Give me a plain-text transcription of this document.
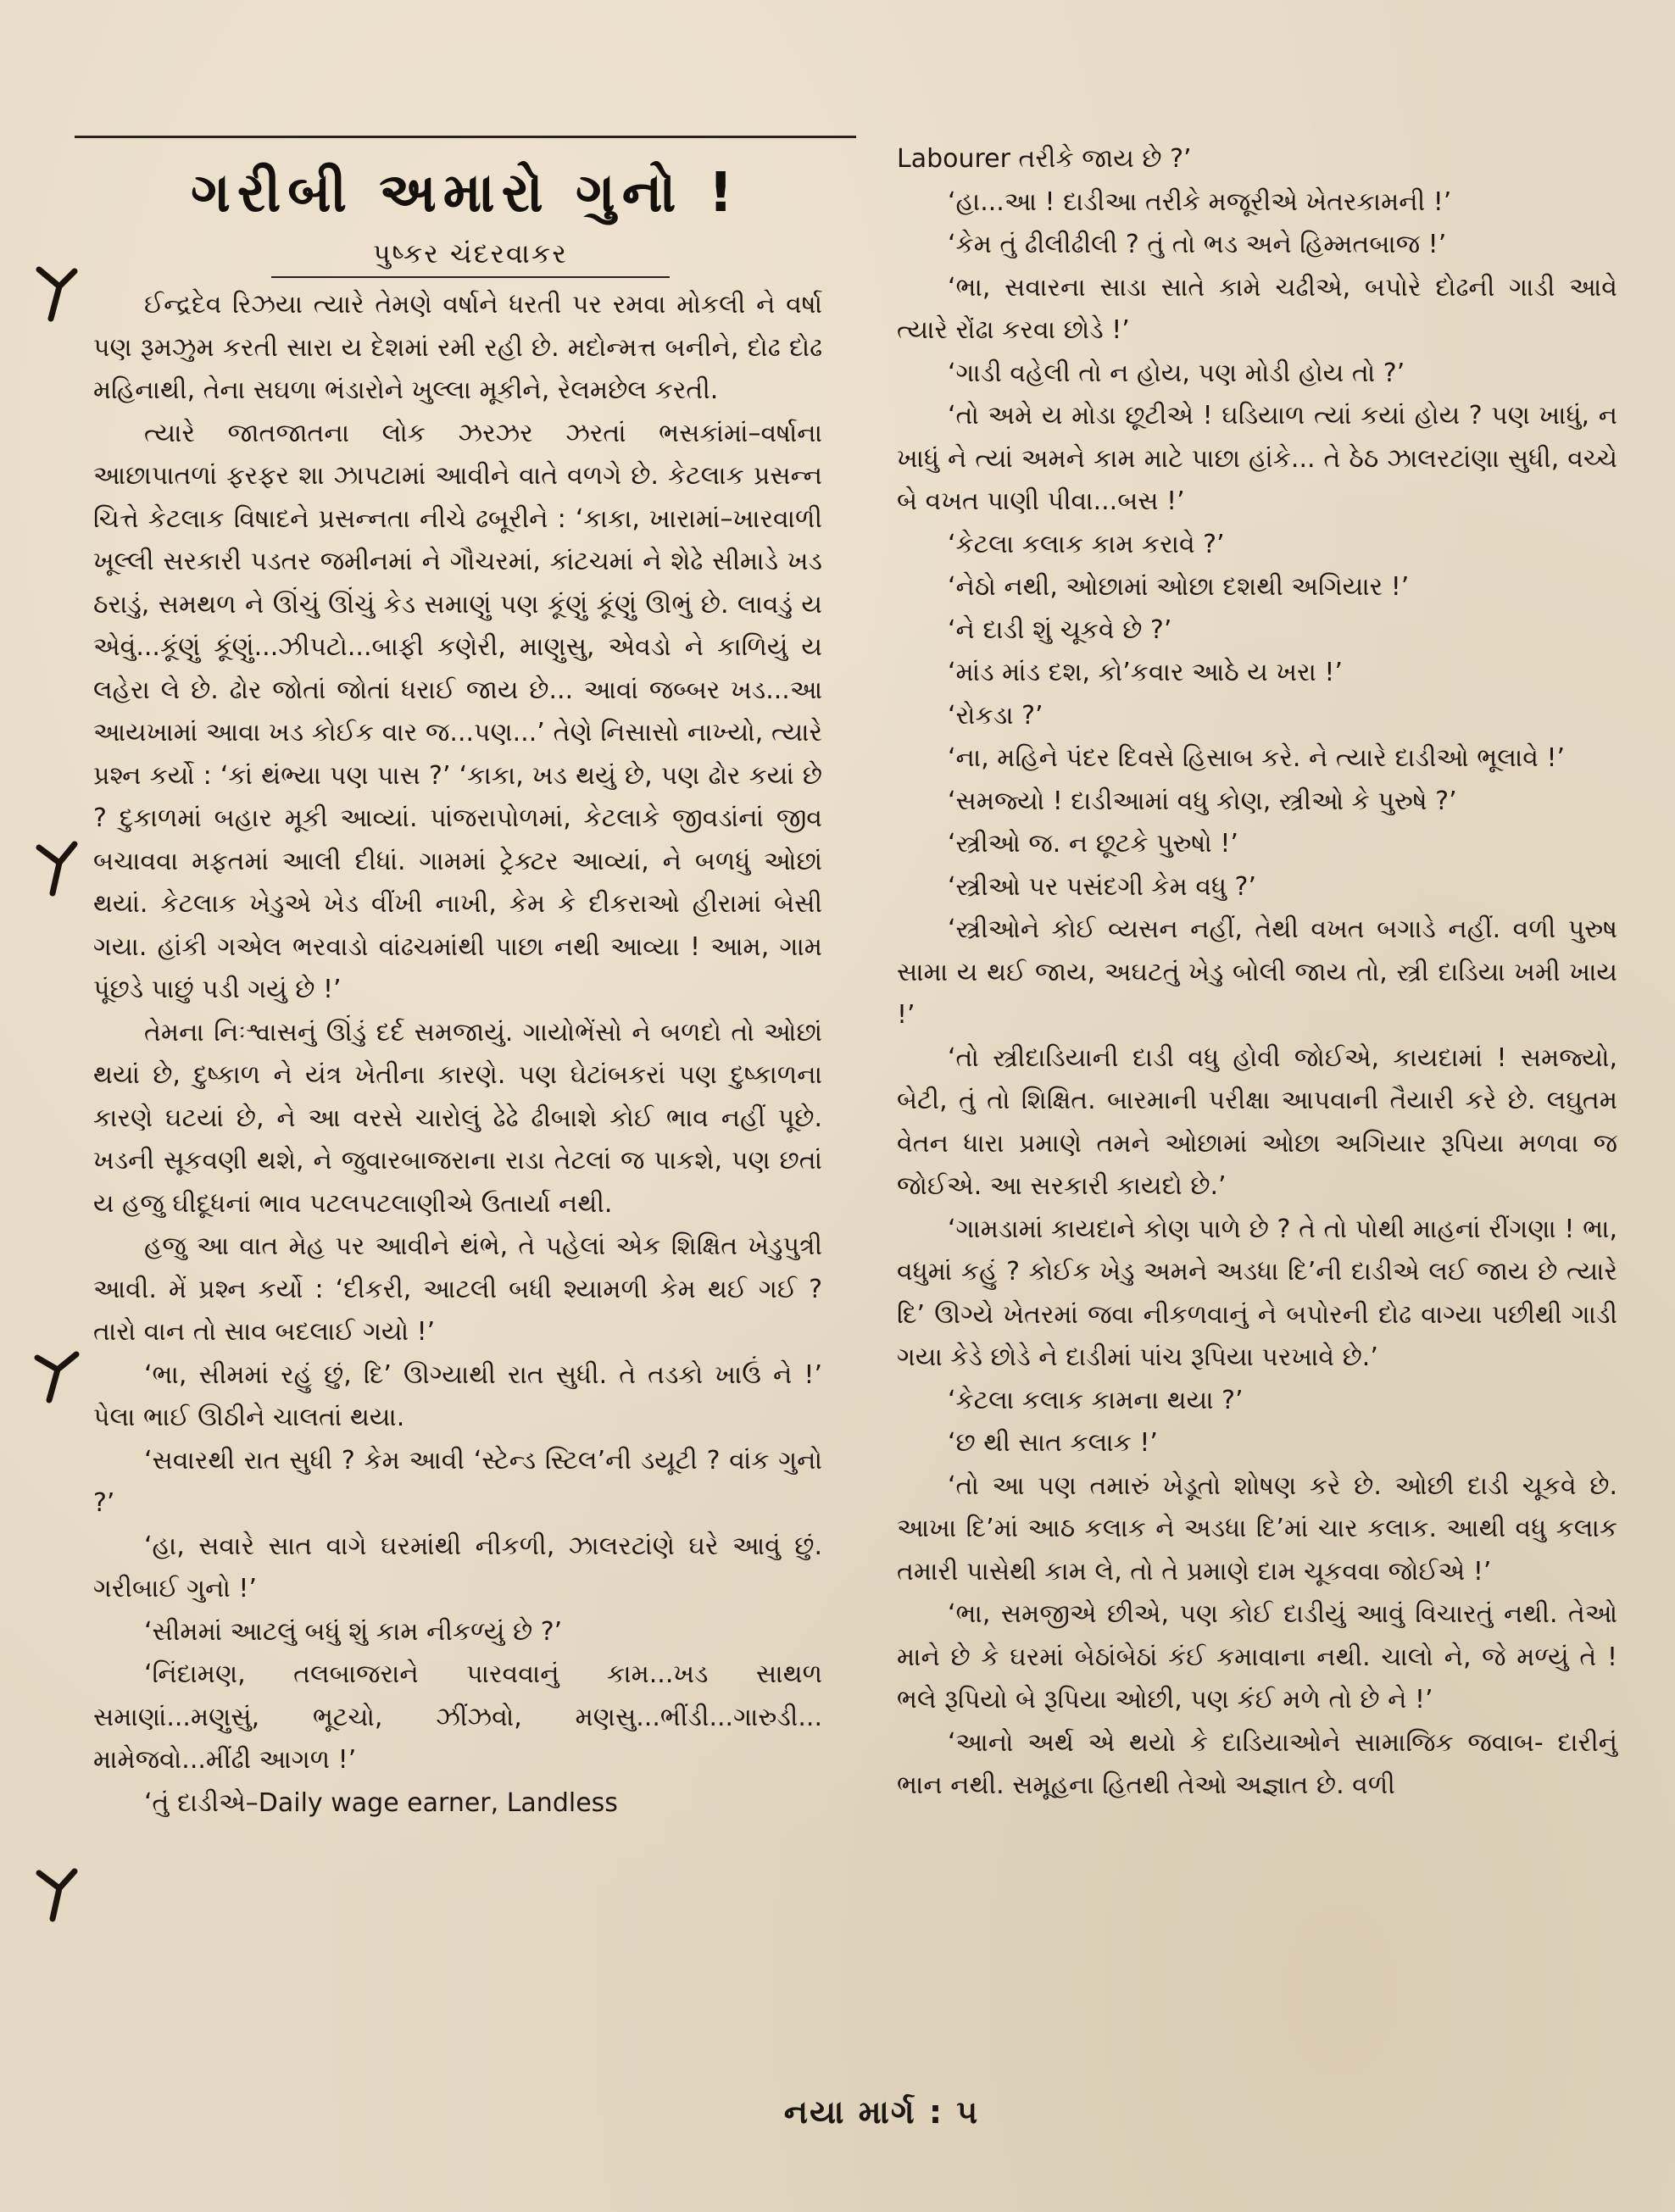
ગરીબી અમારો ગુનો !
પુષ્કર ચંદરવાકર

ઈન્દ્રદેવ રિઝયા ત્યારે તેમણે વર્ષાને ધરતી પર રમવા મોકલી ને વર્ષા પણ રૂમઝુમ કરતી સારા ય દેશમાં રમી રહી છે. મદોન્મત્ત બનીને, દોઢ દોઢ મહિનાથી, તેના સઘળા ભંડારોને ખુલ્લા મૂકીને, રેલમછેલ કરતી.

ત્યારે જાતજાતના લોક ઝરઝર ઝરતાં ભસકાંમાં–વર્ષાના આછાપાતળાં ફરફર શા ઝાપટામાં આવીને વાતે વળગે છે. કેટલાક પ્રસન્ન ચિત્તે કેટલાક વિષાદને પ્રસન્નતા નીચે ઢબૂરીને : ‘કાકા, ખારામાં–ખારવાળી ખૂલ્લી સરકારી પડતર જમીનમાં ને ગૌચરમાં, કાંટચમાં ને શેઢે સીમાડે ખડ ઠરાડું, સમથળ ને ઊંચું ઊંચું કેડ સમાણું પણ કૂંણું કૂંણું ઊભું છે. લાવડું ય એવું...કૂંણું કૂંણું...ઝીપટો...બાફી કણેરી, માણુસુ, એવડો ને કાળિયું ય લહેરા લે છે. ઢોર જોતાં જોતાં ધરાઈ જાય છે... આવાં જબ્બર ખડ...આ આયખામાં આવા ખડ કોઈક વાર જ...પણ...’ તેણે નિસાસો નાખ્યો, ત્યારે પ્રશ્ન કર્યો : ‘કાં થંભ્યા પણ પાસ ?’ ‘કાકા, ખડ થયું છે, પણ ઢોર કયાં છે ? દુકાળમાં બહાર મૂકી આવ્યાં. પાંજરાપોળમાં, કેટલાકે જીવડાંનાં જીવ બચાવવા મફતમાં આલી દીધાં. ગામમાં ટ્રેક્ટર આવ્યાં, ને બળધું ઓછાં થયાં. કેટલાક ખેડુએ ખેડ વીંખી નાખી, કેમ કે દીકરાઓ હીરામાં બેસી ગયા. હાંકી ગએલ ભરવાડો વાંઢચમાંથી પાછા નથી આવ્યા ! આમ, ગામ પૂંછડે પાછું પડી ગયું છે !’

તેમના નિઃશ્વાસનું ઊંડું દર્દ સમજાયું. ગાયોભેંસો ને બળદો તો ઓછાં થયાં છે, દુષ્કાળ ને યંત્ર ખેતીના કારણે. પણ ઘેટાંબકરાં પણ દુષ્કાળના કારણે ઘટયાં છે, ને આ વરસે ચારોલું ઢેઢે ઢીબાશે કોઈ ભાવ નહીં પૂછે. ખડની સૂકવણી થશે, ને જુવારબાજરાના રાડા તેટલાં જ પાકશે, પણ છતાં ય હજુ ઘીદૂધનાં ભાવ પટલપટલાણીએ ઉતાર્યા નથી.

હજુ આ વાત મેહ પર આવીને થંભે, તે પહેલાં એક શિક્ષિત ખેડુપુત્રી આવી. મેં પ્રશ્ન કર્યો : ‘દીકરી, આટલી બધી શ્યામળી કેમ થઈ ગઈ ? તારો વાન તો સાવ બદલાઈ ગયો !’

‘ભા, સીમમાં રહું છું, દિ’ ઊગ્યાથી રાત સુધી. તે તડકો ખાઉં ને !’ પેલા ભાઈ ઊઠીને ચાલતાં થયા.

‘સવારથી રાત સુધી ? કેમ આવી ‘સ્ટેન્ડ સ્ટિલ’ની ડયૂટી ? વાંક ગુનો ?’

‘હા, સવારે સાત વાગે ઘરમાંથી નીકળી, ઝાલરટાંણે ઘરે આવું છું. ગરીબાઈ ગુનો !’

‘સીમમાં આટલું બધું શું કામ નીકળ્યું છે ?’

‘નિંદામણ, તલબાજરાને પારવવાનું કામ...ખડ સાથળ સમાણાં...મણુસું, ભૂટચો, ઝીંઝવો, મણસુ...ભીંડી...ગારુડી... મામેજવો...મીંઢી આગળ !’

‘તું દાડીએ–Daily wage earner, Landless

Labourer તરીકે જાય છે ?’

‘હા...આ ! દાડીઆ તરીકે મજૂરીએ ખેતરકામની !’

‘કેમ તું ઢીલીઢીલી ? તું તો ભડ અને હિમ્મતબાજ !’

‘ભા, સવારના સાડા સાતે કામે ચઢીએ, બપોરે દોઢની ગાડી આવે ત્યારે રોંઢા કરવા છોડે !’

‘ગાડી વહેલી તો ન હોય, પણ મોડી હોય તો ?’

‘તો અમે ય મોડા છૂટીએ ! ઘડિયાળ ત્યાં કયાં હોય ? પણ ખાધું, ન ખાધું ને ત્યાં અમને કામ માટે પાછા હાંકે... તે ઠેઠ ઝાલરટાંણા સુધી, વચ્ચે બે વખત પાણી પીવા...બસ !’

‘કેટલા કલાક કામ કરાવે ?’

‘નેઠો નથી, ઓછામાં ઓછા દશથી અગિયાર !’

‘ને દાડી શું ચૂકવે છે ?’

‘માંડ માંડ દશ, કો’કવાર આઠે ય ખરા !’

‘રોકડા ?’

‘ના, મહિને પંદર દિવસે હિસાબ કરે. ને ત્યારે દાડીઓ ભૂલાવે !’

‘સમજ્યો ! દાડીઆમાં વધુ કોણ, સ્ત્રીઓ કે પુરુષે ?’

‘સ્ત્રીઓ જ. ન છૂટકે પુરુષો !’

‘સ્ત્રીઓ પર પસંદગી કેમ વધુ ?’

‘સ્ત્રીઓને કોઈ વ્યસન નહીં, તેથી વખત બગાડે નહીં. વળી પુરુષ સામા ય થઈ જાય, અઘટતું ખેડુ બોલી જાય તો, સ્ત્રી દાડિયા ખમી ખાય !’

‘તો સ્ત્રીદાડિયાની દાડી વધુ હોવી જોઈએ, કાયદામાં ! સમજ્યો, બેટી, તું તો શિક્ષિત. બારમાની પરીક્ષા આપવાની તૈયારી કરે છે. લઘુતમ વેતન ધારા પ્રમાણે તમને ઓછામાં ઓછા અગિયાર રૂપિયા મળવા જ જોઈએ. આ સરકારી કાયદો છે.’

‘ગામડામાં કાયદાને કોણ પાળે છે ? તે તો પોથી માહનાં રીંગણા ! ભા, વધુમાં કહું ? કોઈક ખેડુ અમને અડધા દિ’ની દાડીએ લઈ જાય છે ત્યારે દિ’ ઊગ્યે ખેતરમાં જવા નીકળવાનું ને બપોરની દોઢ વાગ્યા પછીથી ગાડી ગયા કેડે છોડે ને દાડીમાં પાંચ રૂપિયા પરખાવે છે.’

‘કેટલા કલાક કામના થયા ?’

‘છ થી સાત કલાક !’

‘તો આ પણ તમારું ખેડૂતો શોષણ કરે છે. ઓછી દાડી ચૂકવે છે. આખા દિ’માં આઠ કલાક ને અડધા દિ’માં ચાર કલાક. આથી વધુ કલાક તમારી પાસેથી કામ લે, તો તે પ્રમાણે દામ ચૂકવવા જોઈએ !’

‘ભા, સમજીએ છીએ, પણ કોઈ દાડીયું આવું વિચારતું નથી. તેઓ માને છે કે ઘરમાં બેઠાંબેઠાં કંઈ કમાવાના નથી. ચાલો ને, જે મળ્યું તે ! ભલે રૂપિયો બે રૂપિયા ઓછી, પણ કંઈ મળે તો છે ને !’

‘આનો અર્થ એ થયો કે દાડિયાઓને સામાજિક જવાબ- દારીનું ભાન નથી. સમૂહના હિતથી તેઓ અજ્ઞાત છે. વળી

નયા માર્ગ : ૫
